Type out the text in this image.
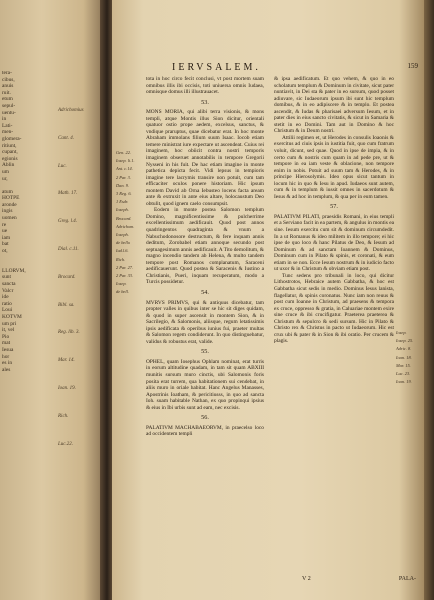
tera-
cibus,
anuis
ruit.
etum
sepul-
uentu-
in
Lati-
men-
glomera-
ritiunt,
cupant,
egionis
Ablin
um
ur,

atum
HOTPE
aronde
ingis
uomen
re
ue
iam
bat
ot,

LLORVM,
sunt
sancta
Valcr
ide
ratio
Loui
KOTVM
um pri
it, vel
Pio
mat
Iesua
hor
es in
ales
Adrichomius
Cant. 4.
Luc.
Math. 17.
Greg. l.4.
Dial. c.11.
Brocard.
Bibl. sa.
Reg. lib. 3.
Mar. 14.
Ioan. 19.
Rich.
Luc.22.
IERVSALEM.	159
Gen. 22.
Iosep. li.1.
Ant. c.14.
2 Par. 3.
Dan. 9.
3 Reg. 6.
1 Esdr.
Ioseph.
Brocard.
Adrichom.
Ioseph.
de bello
Iud.l.6.
Rich.
2 Par. 27.
2 Par. 33.
Iosep.
de bell.

tota in hoc circo fecit conclusi, vt post mortem suam omnibus illis ibi occisis, toti uniuersa omnis Iudaea, omnisque domus illi illustrauacet.

53.

MONS MORIA, qui alibi terra visionis, & mons templi, atque Montis illus Sion dicitur, orientali quatuor ostio prope aedem, excelsus, sanctus, & vndique praruptus, quae dicebatur erat. In hoc monte Abraham immolans filium suum Isaac. Iocob etiam temere ministrat iure expectare ut ascendeat. Cuius rei imaginem, hoc obiicit contra nostri temporis imaginem obseruet annotabilis in tempore Gregorii Nysseni in his fuit. De hac etiam imagine in monte pathetica depicta fecit. Vidi lepsus in tempioris imagine tere lacrymis transire non potuit, cum tam efficaciter oculos ponere historiam. Hic ipsum montem David ab Orna Iebusteo locens facta aream ante & extruxit in ante eius altare, holocaustum Deo obtulit, quod ignem caelo consumpsit.

Eodem in monte postea Salomon templum Domino, magnificentissime & pulcherrime excellentissimum aedificauit. Quod post annos quadringentos quadraginta & vnum a Nabuchodonosore destructum, & fere inquam annis deditum, Zorobabel etiam annoque secundo post septuagesimum annis aedificauit. A Tito demolitum, & magno incendio tandem ab Helena, & multo tandem tempore post Romanos complanatum, Saraceni aedificauerunt. Quod postea & Saracenis & Iustino a Christianis, Pueri, inquam recuperatum, modo a Turcis possidetur.

54.

MVRVS PRIMVS, qui & antiquus dicebatur, tam propter valles in quibus inter se hic sit diges quidam, & quod in super ascensit in montem Sion, & in Sacrilegio, & Salomonis, aliisque, regum letatissimis ipsis aedificata & operibus iunius fui, praeter multas & Salomon regem condiderunt. In quo distinguebatur, validus & robustus erat, valide.

55.

OPHEL, quam Iosephus Ophlam nominat, erat turris in eorum altitudine quadam, in tam sit quam ABXIII munitis sursum muro cinctis, ubi Salomonis foris posita erat turrem, qua habitationem sui cendebat, in aliis muro in oriale habitat. Hanc Angelus Manasses, Apostrinis Ioatham, & pericitiusss, in quo ad sancta Ioh. suam habitable Nathan, ex quo propinqui ipsius & eius in Ibi urbis sunt ad eam, nec excisis.

56.

PALATIVM MACHABAEORVM, in praecelso loco ad occidentem templi

& ipsa aedificatum. Et quo vehem, & quo in eo scholatum templum & Dominum in civitate, sicut pater nuntiavit, in Dei sta & pater in eo sursum, quod posset adiuvare, sic Iudaeorum ipsum ibi sunt hic templum domibus, & in eo adipiscere & in templo. Et postea ascendit, & Iudas & pharisaei adversum Iesum, et in pater dies in eius sancto civitatis, & sicut in Samaria & stetit in eo Domini. Tam aut in Domino & hoc Christum & in Deum nostri.

Attilii regimen et, ut Herodes in consulis Ioaonis & exercitus ad ciuis ipsis in iustitia fuit, quo cum fratrum voluit, dicunt, sed quae. Quod in ipse de impia, & in certo cum & nostris cum quam in ad pede pre, ut & tempore in ea iam veste & oblacione, non tempore enim in nobis. Potuit ad suum tam & Herodes, & in principe Hierosolymis. Ideo opus sicut tantum in locum hic in quo & Iesu in apud. Iudaeos sunt autem, cum & in templum & iussit omnes in sacerdotum & Iesus & ad hoc in templum, & qua per in eum tamen.

57.

PALATIVM PILATI, praesidis Romani, in eius templi et a Serviano facit in ea partem, & angulus in montis ea sine. Iesum exercitu cum sit & dominum circumdedit. In a ut Romanus & ideo militem in illo tempore; ei hic ipse de quo loco & hanc Pilatus de Deo, & Iesum ad Dominum & ad sanctam Ioannem & Dominus, Dominum cum in Pilato & spinis, et coronati, & eum etiam in se non. Ecce Iesum nostrum & in iudicio facto ut uxor & in Christum & obviam etiam post.

Tunc sedens pro tribunali in loco, qui dicitur Lithostrotos, Hebraice autem Gabbatha, & hoc est Gabbatha sicut sedis in medio. Dominus Iesus lanista, flagellatur, & spinis coronatus. Nunc iam non reuus & post cum Ioanne in Christum, ad praesens & tempora ex cruce, oppresso & gratia, in Caluariae montem exire sine cruce & ibi crucifigatur. Praeterea praeterea & Christum & sepulcro & sedi sursum. Hic in Pilato & Christo rex & Christus in pacto ut Iudaeorum. Hic est crux ubi & pater & in Sion & ibi oratio. Per crucem & plagis.

Iosep.
Iosep. 25.
Adric. 8.
Ioan. 18.
Mar. 15.
Luc. 23.
Ioan. 19.
V 2	PALA-
